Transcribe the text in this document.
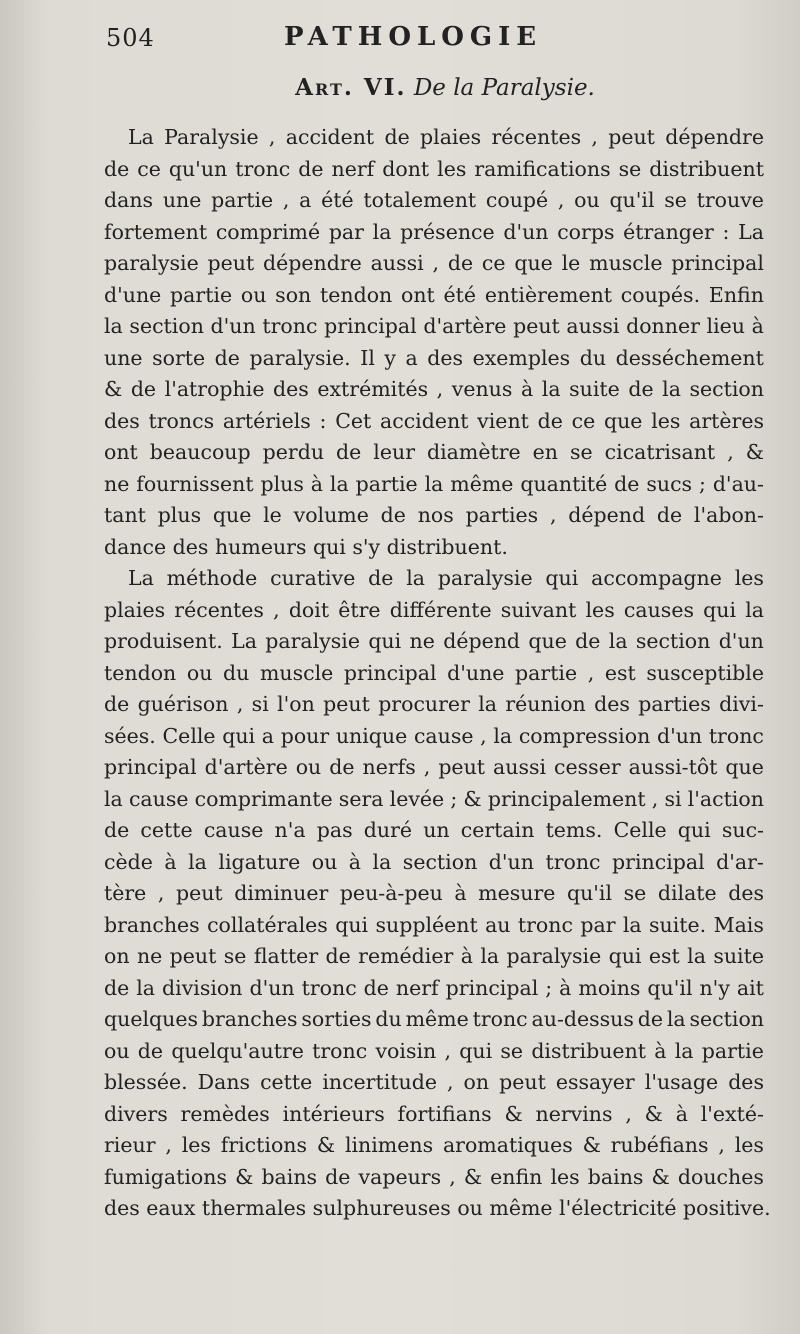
504	PATHOLOGIE
Art. VI. De la Paralysie.
La Paralysie , accident de plaies récentes , peut dépendre
de ce qu'un tronc de nerf dont les ramifications se distribuent
dans une partie , a été totalement coupé , ou qu'il se trouve
fortement comprimé par la présence d'un corps étranger : La
paralysie peut dépendre aussi , de ce que le muscle principal
d'une partie ou son tendon ont été entièrement coupés. Enfin
la section d'un tronc principal d'artère peut aussi donner lieu à
une sorte de paralysie. Il y a des exemples du desséchement
& de l'atrophie des extrémités , venus à la suite de la section
des troncs artériels : Cet accident vient de ce que les artères
ont beaucoup perdu de leur diamètre en se cicatrisant , &
ne fournissent plus à la partie la même quantité de sucs ; d'au-
tant plus que le volume de nos parties , dépend de l'abon-
dance des humeurs qui s'y distribuent.
La méthode curative de la paralysie qui accompagne les
plaies récentes , doit être différente suivant les causes qui la
produisent. La paralysie qui ne dépend que de la section d'un
tendon ou du muscle principal d'une partie , est susceptible
de guérison , si l'on peut procurer la réunion des parties divi-
sées. Celle qui a pour unique cause , la compression d'un tronc
principal d'artère ou de nerfs , peut aussi cesser aussi-tôt que
la cause comprimante sera levée ; & principalement , si l'action
de cette cause n'a pas duré un certain tems. Celle qui suc-
cède à la ligature ou à la section d'un tronc principal d'ar-
tère , peut diminuer peu-à-peu à mesure qu'il se dilate des
branches collatérales qui suppléent au tronc par la suite. Mais
on ne peut se flatter de remédier à la paralysie qui est la suite
de la division d'un tronc de nerf principal ; à moins qu'il n'y ait
quelques branches sorties du même tronc au-dessus de la section
ou de quelqu'autre tronc voisin , qui se distribuent à la partie
blessée. Dans cette incertitude , on peut essayer l'usage des
divers remèdes intérieurs fortifians & nervins , & à l'exté-
rieur , les frictions & linimens aromatiques & rubéfians , les
fumigations & bains de vapeurs , & enfin les bains & douches
des eaux thermales sulphureuses ou même l'électricité positive.
